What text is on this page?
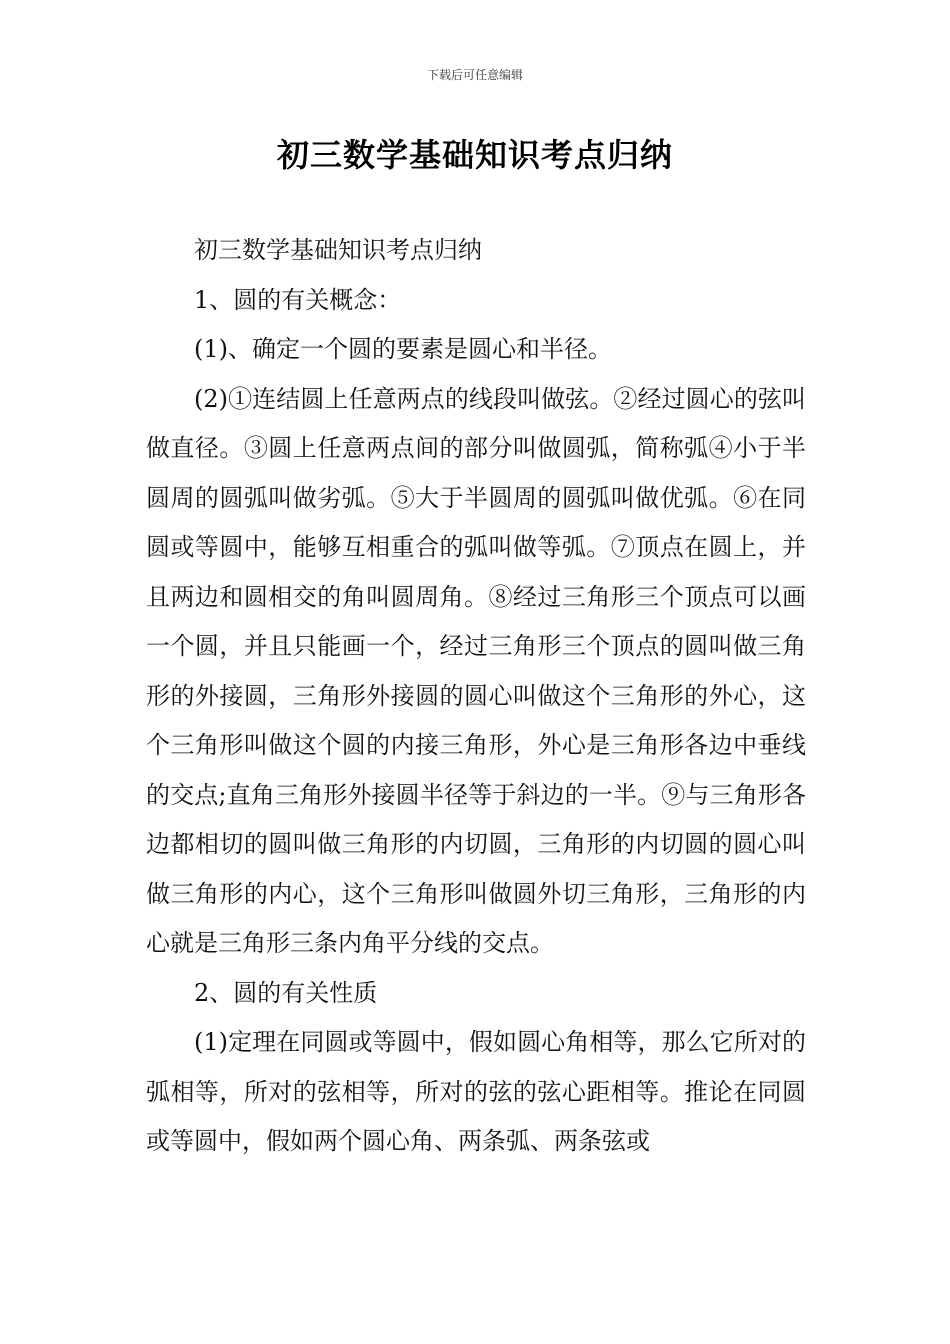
下载后可任意编辑
初三数学基础知识考点归纳

初三数学基础知识考点归纳

1、圆的有关概念：

(1)、确定一个圆的要素是圆心和半径。

(2)①连结圆上任意两点的线段叫做弦。②经过圆心的弦叫做直径。③圆上任意两点间的部分叫做圆弧，简称弧④小于半圆周的圆弧叫做劣弧。⑤大于半圆周的圆弧叫做优弧。⑥在同圆或等圆中，能够互相重合的弧叫做等弧。⑦顶点在圆上，并且两边和圆相交的角叫圆周角。⑧经过三角形三个顶点可以画一个圆，并且只能画一个，经过三角形三个顶点的圆叫做三角形的外接圆，三角形外接圆的圆心叫做这个三角形的外心，这个三角形叫做这个圆的内接三角形，外心是三角形各边中垂线的交点;直角三角形外接圆半径等于斜边的一半。⑨与三角形各边都相切的圆叫做三角形的内切圆，三角形的内切圆的圆心叫做三角形的内心，这个三角形叫做圆外切三角形，三角形的内心就是三角形三条内角平分线的交点。

2、圆的有关性质

(1)定理在同圆或等圆中，假如圆心角相等，那么它所对的弧相等，所对的弦相等，所对的弦的弦心距相等。推论在同圆或等圆中，假如两个圆心角、两条弧、两条弦或
